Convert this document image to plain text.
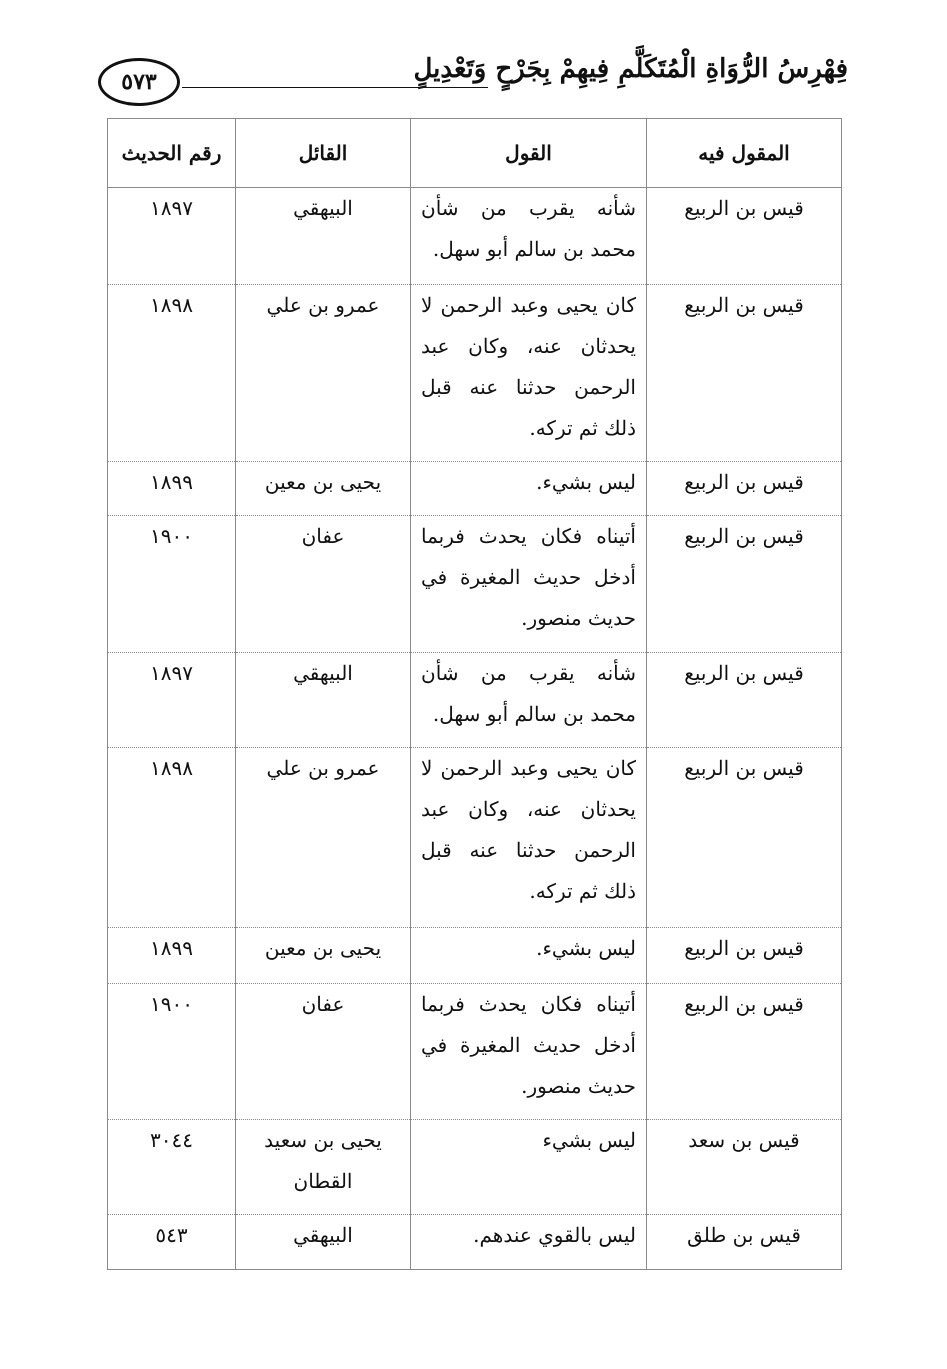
فِهْرِسُ الرُّوَاةِ الْمُتَكَلَّمِ فِيهِمْ بِجَرْحٍ وَتَعْدِيلٍ
٥٧٣
المقول فيه	القول	القائل	رقم الحديث
قيس بن الربيع	شأنه يقرب من شأن محمد بن سالم أبو سهل.	البيهقي	١٨٩٧
قيس بن الربيع	كان يحيى وعبد الرحمن لا يحدثان عنه، وكان عبد الرحمن حدثنا عنه قبل ذلك ثم تركه.	عمرو بن علي	١٨٩٨
قيس بن الربيع	ليس بشيء.	يحيى بن معين	١٨٩٩
قيس بن الربيع	أتيناه فكان يحدث فربما أدخل حديث المغيرة في حديث منصور.	عفان	١٩٠٠
قيس بن الربيع	شأنه يقرب من شأن محمد بن سالم أبو سهل.	البيهقي	١٨٩٧
قيس بن الربيع	كان يحيى وعبد الرحمن لا يحدثان عنه، وكان عبد الرحمن حدثنا عنه قبل ذلك ثم تركه.	عمرو بن علي	١٨٩٨
قيس بن الربيع	ليس بشيء.	يحيى بن معين	١٨٩٩
قيس بن الربيع	أتيناه فكان يحدث فربما أدخل حديث المغيرة في حديث منصور.	عفان	١٩٠٠
قيس بن سعد	ليس بشيء	يحيى بن سعيد القطان	٣٠٤٤
قيس بن طلق	ليس بالقوي عندهم.	البيهقي	٥٤٣
